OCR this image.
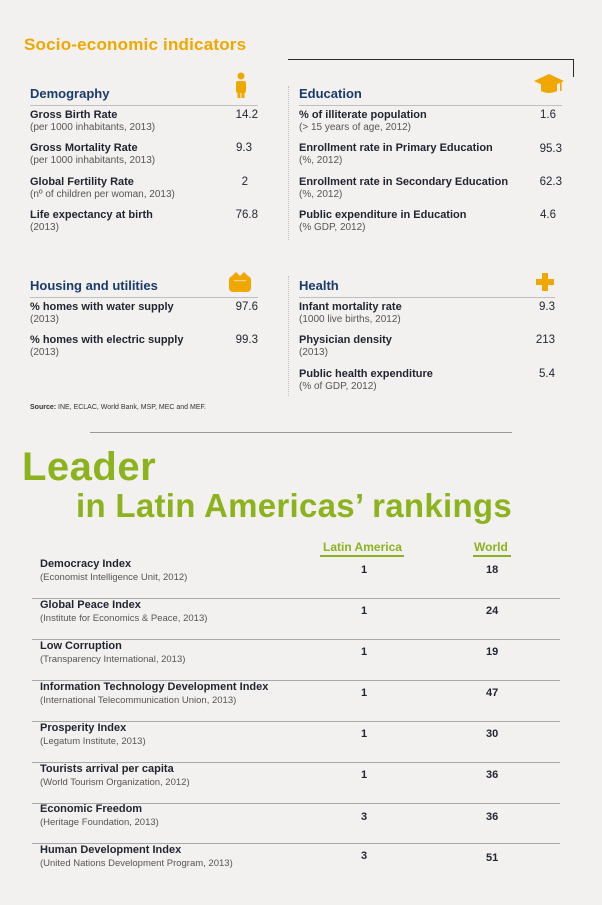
Socio-economic indicators
Demography
Gross Birth Rate
(per 1000 inhabitants, 2013)
14.2
Gross Mortality Rate
(per 1000 inhabitants, 2013)
9.3
Global Fertility Rate
(nº of children per woman, 2013)
2
Life expectancy at birth
(2013)
76.8
Education
% of illiterate population
(> 15 years of age, 2012)
1.6
Enrollment rate in Primary Education
(%, 2012)
95.3
Enrollment rate in Secondary Education
(%, 2012)
62.3
Public expenditure in Education
(% GDP, 2012)
4.6
Housing and utilities
% homes with water supply
(2013)
97.6
% homes with electric supply
(2013)
99.3
Health
Infant mortality rate
(1000 live births, 2012)
9.3
Physician density
(2013)
213
Public health expenditure
(% of GDP, 2012)
5.4
Source: INE, ECLAC, World Bank, MSP, MEC and MEF.
Leader
in Latin Americas’ rankings
Latin America	World
Democracy Index
(Economist Intelligence Unit, 2012)
1	18
Global Peace Index
(Institute for Economics & Peace, 2013)
1	24
Low Corruption
(Transparency International, 2013)
1	19
Information Technology Development Index
(International Telecommunication Union, 2013)
1	47
Prosperity Index
(Legatum Institute, 2013)
1	30
Tourists arrival per capita
(World Tourism Organization, 2012)
1	36
Economic Freedom
(Heritage Foundation, 2013)	3	36
Human Development Index
(United Nations Development Program, 2013)
3	51
